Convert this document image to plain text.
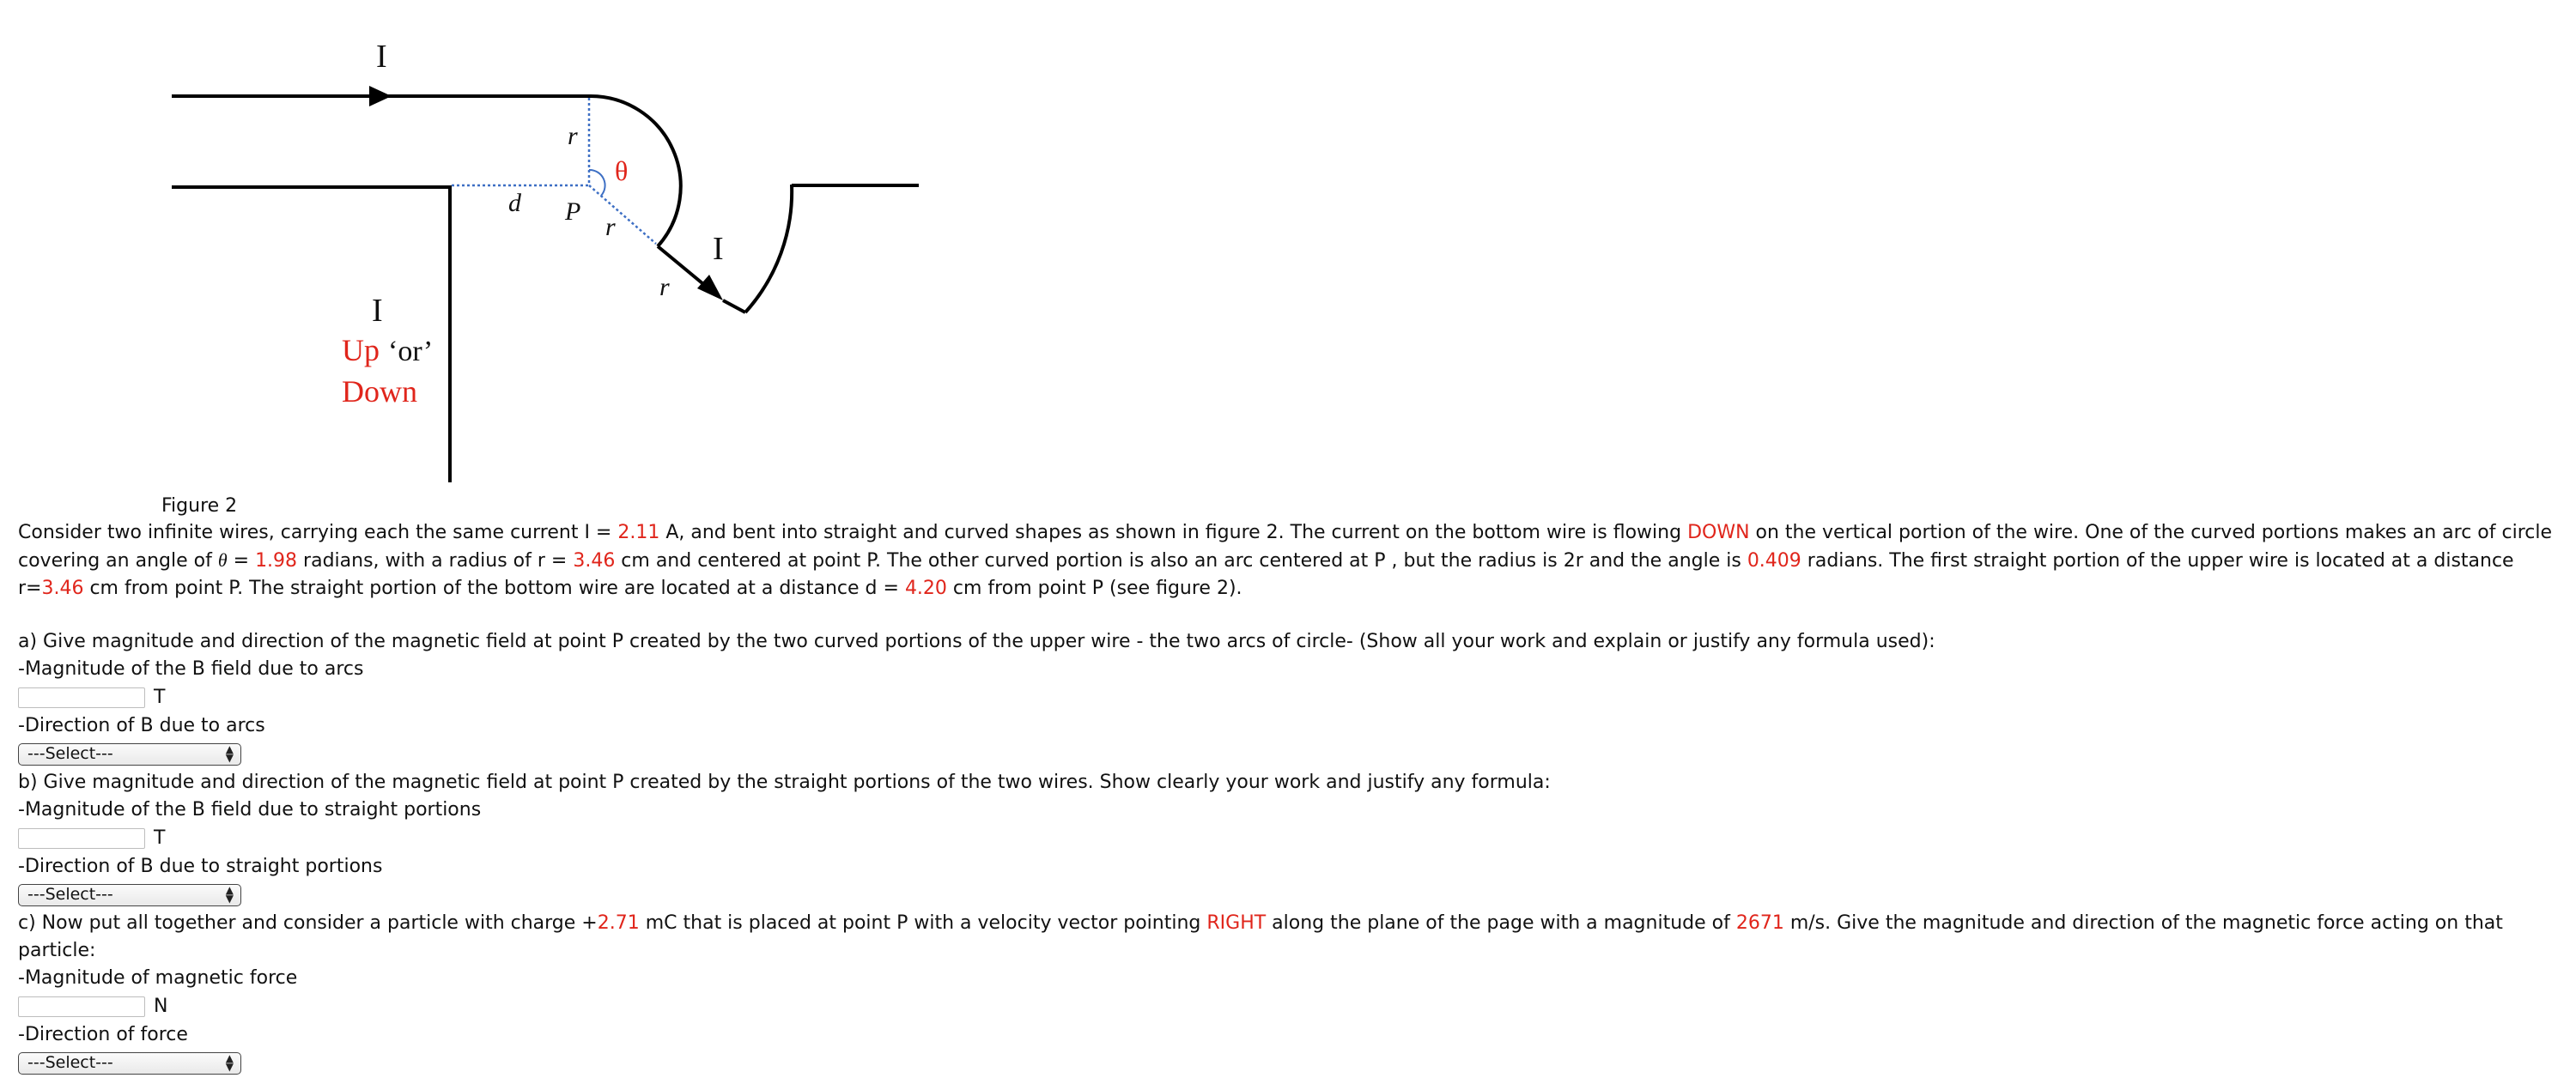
I
r
θ
d P
r
I
r
I
Up ‘or’
Down
Figure 2

Consider two infinite wires, carrying each the same current I = 2.11 A, and bent into straight and curved shapes as shown in figure 2. The current on the bottom wire is flowing DOWN on the vertical portion of the wire. One of the curved portions makes an arc of circle covering an angle of θ = 1.98 radians, with a radius of r = 3.46 cm and centered at point P. The other curved portion is also an arc centered at P , but the radius is 2r and the angle is 0.409 radians. The first straight portion of the upper wire is located at a distance r=3.46 cm from point P. The straight portion of the bottom wire are located at a distance d = 4.20 cm from point P (see figure 2).

a) Give magnitude and direction of the magnetic field at point P created by the two curved portions of the upper wire - the two arcs of circle- (Show all your work and explain or justify any formula used):

-Magnitude of the B field due to arcs

T

-Direction of B due to arcs

---Select---	▲
▼

b) Give magnitude and direction of the magnetic field at point P created by the straight portions of the two wires. Show clearly your work and justify any formula:

-Magnitude of the B field due to straight portions

T

-Direction of B due to straight portions

---Select---	▲
▼

c) Now put all together and consider a particle with charge +2.71 mC that is placed at point P with a velocity vector pointing RIGHT along the plane of the page with a magnitude of 2671 m/s. Give the magnitude and direction of the magnetic force acting on that particle:

-Magnitude of magnetic force

N

-Direction of force

---Select---	▲
▼
